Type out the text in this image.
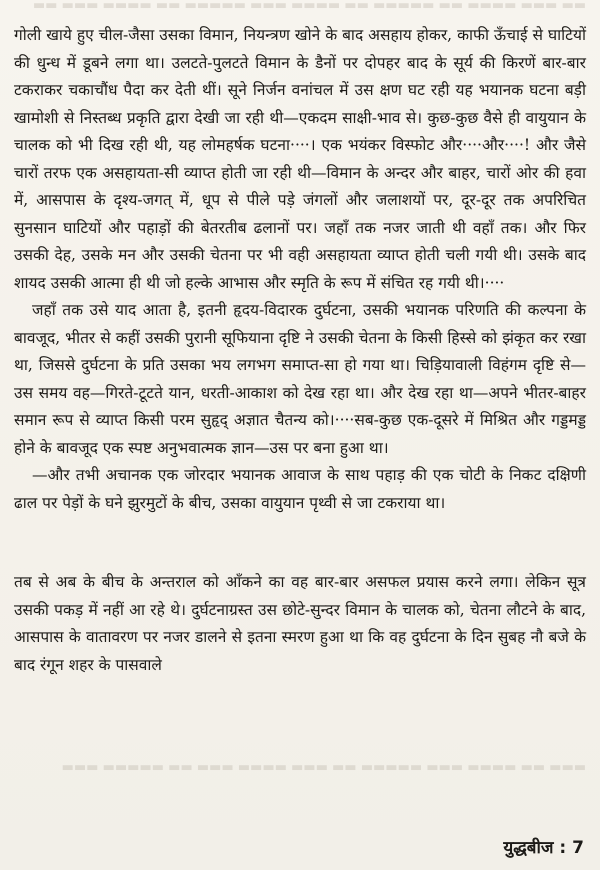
▬▬ ▬▬▬ ▬▬▬▬ ▬▬ ▬▬▬▬▬ ▬▬ ▬▬▬▬ ▬▬▬ ▬▬▬▬▬ ▬▬ ▬▬▬▬ ▬▬▬ ▬▬
▬▬▬ ▬▬ ▬▬▬▬ ▬▬▬ ▬▬▬▬▬ ▬▬ ▬▬▬ ▬▬▬▬ ▬▬▬ ▬▬ ▬▬▬▬▬ ▬▬▬

गोली खाये हुए चील-जैसा उसका विमान, नियन्त्रण खोने के बाद असहाय होकर, काफी ऊँचाई से घाटियों की धुन्ध में डूबने लगा था। उलटते-पुलटते विमान के डैनों पर दोपहर बाद के सूर्य की किरणें बार-बार टकराकर चकाचौंध पैदा कर देती थीं। सूने निर्जन वनांचल में उस क्षण घट रही यह भयानक घटना बड़ी खामोशी से निस्तब्ध प्रकृति द्वारा देखी जा रही थी—एकदम साक्षी-भाव से। कुछ-कुछ वैसे ही वायुयान के चालक को भी दिख रही थी, यह लोमहर्षक घटना····। एक भयंकर विस्फोट और····और····! और जैसे चारों तरफ एक असहायता-सी व्याप्त होती जा रही थी—विमान के अन्दर और बाहर, चारों ओर की हवा में, आसपास के दृश्य-जगत् में, धूप से पीले पड़े जंगलों और जलाशयों पर, दूर-दूर तक अपरिचित सुनसान घाटियों और पहाड़ों की बेतरतीब ढलानों पर। जहाँ तक नजर जाती थी वहाँ तक। और फिर उसकी देह, उसके मन और उसकी चेतना पर भी वही असहायता व्याप्त होती चली गयी थी। उसके बाद शायद उसकी आत्मा ही थी जो हल्के आभास और स्मृति के रूप में संचित रह गयी थी।····

जहाँ तक उसे याद आता है, इतनी हृदय-विदारक दुर्घटना, उसकी भयानक परिणति की कल्पना के बावजूद, भीतर से कहीं उसकी पुरानी सूफियाना दृष्टि ने उसकी चेतना के किसी हिस्से को झंकृत कर रखा था, जिससे दुर्घटना के प्रति उसका भय लगभग समाप्त-सा हो गया था। चिड़ियावाली विहंगम दृष्टि से—उस समय वह—गिरते-टूटते यान, धरती-आकाश को देख रहा था। और देख रहा था—अपने भीतर-बाहर समान रूप से व्याप्त किसी परम सुहृद् अज्ञात चैतन्य को।····सब-कुछ एक-दूसरे में मिश्रित और गड्डमड्ड होने के बावजूद एक स्पष्ट अनुभवात्मक ज्ञान—उस पर बना हुआ था।

—और तभी अचानक एक जोरदार भयानक आवाज के साथ पहाड़ की एक चोटी के निकट दक्षिणी ढाल पर पेड़ों के घने झुरमुटों के बीच, उसका वायुयान पृथ्वी से जा टकराया था।

तब से अब के बीच के अन्तराल को आँकने का वह बार-बार असफल प्रयास करने लगा। लेकिन सूत्र उसकी पकड़ में नहीं आ रहे थे। दुर्घटनाग्रस्त उस छोटे-सुन्दर विमान के चालक को, चेतना लौटने के बाद, आसपास के वातावरण पर नजर डालने से इतना स्मरण हुआ था कि वह दुर्घटना के दिन सुबह नौ बजे के बाद रंगून शहर के पासवाले

युद्धबीज : 7
